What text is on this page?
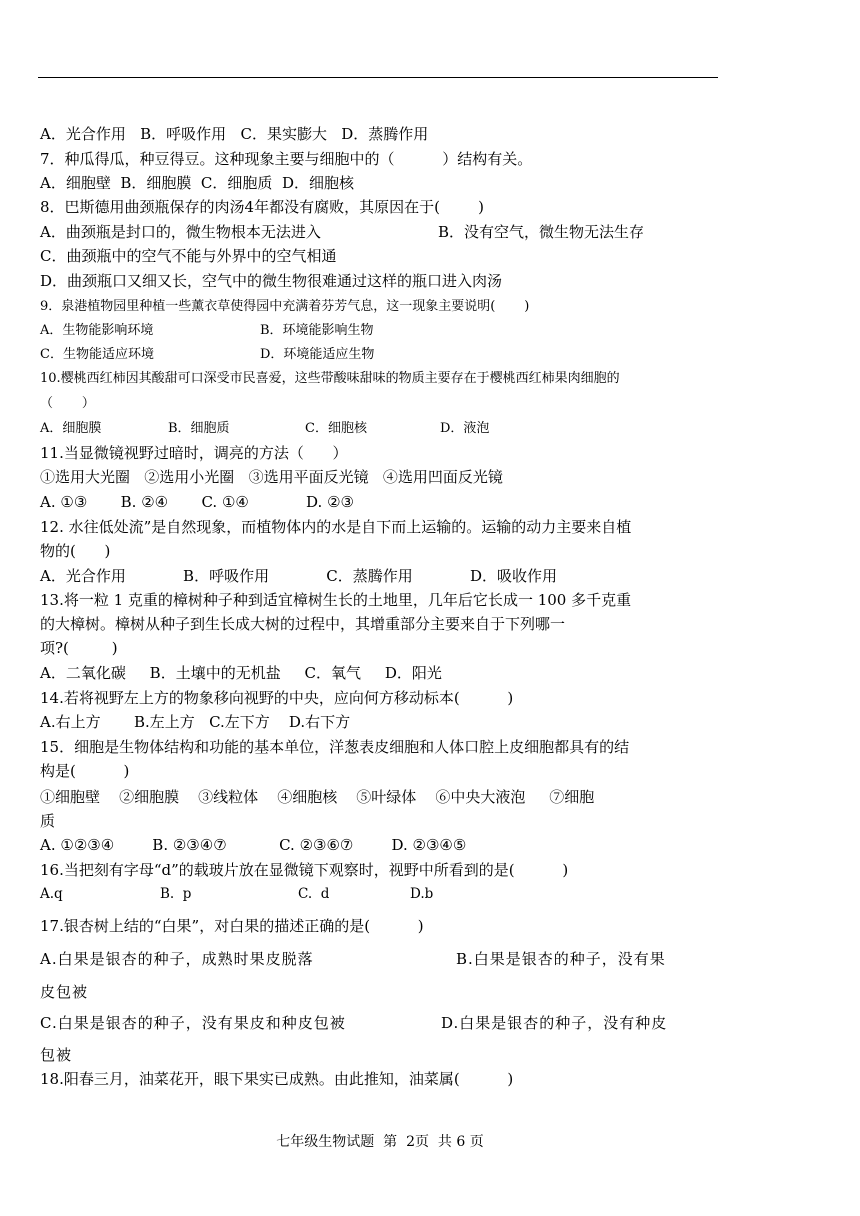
A．光合作用   B．呼吸作用   C．果实膨大   D．蒸腾作用
7．种瓜得瓜，种豆得豆。这种现象主要与细胞中的（          ）结构有关。
A．细胞壁  B．细胞膜  C．细胞质  D．细胞核
8．巴斯德用曲颈瓶保存的肉汤4年都没有腐败，其原因在于(        )
A．曲颈瓶是封口的，微生物根本无法进入	B．没有空气，微生物无法生存
C．曲颈瓶中的空气不能与外界中的空气相通
D．曲颈瓶口又细又长，空气中的微生物很难通过这样的瓶口进入肉汤
9．泉港植物园里种植一些薰衣草使得园中充满着芬芳气息，这一现象主要说明(       )
A．生物能影响环境	B．环境能影响生物
C．生物能适应环境	D．环境能适应生物
10.樱桃西红柿因其酸甜可口深受市民喜爱，这些带酸味甜味的物质主要存在于樱桃西红柿果肉细胞的
（       ）
A．细胞膜	B．细胞质	C．细胞核	D．液泡
11.当显微镜视野过暗时，调亮的方法（      ）
①选用大光圈   ②选用小光圈   ③选用平面反光镜   ④选用凹面反光镜
A. ①③       B. ②④       C. ①④            D. ②③
12. 水往低处流”是自然现象，而植物体内的水是自下而上运输的。运输的动力主要来自植
物的(      )
A．光合作用            B．呼吸作用            C．蒸腾作用            D．吸收作用
13.将一粒 1 克重的樟树种子种到适宜樟树生长的土地里，几年后它长成一 100 多千克重
的大樟树。樟树从种子到生长成大树的过程中，其增重部分主要来自于下列哪一
项?(         )
A．二氧化碳     B．土壤中的无机盐     C．氧气     D．阳光
14.若将视野左上方的物象移向视野的中央，应向何方移动标本(          )
A.右上方       B.左上方   C.左下方    D.右下方
15．细胞是生物体结构和功能的基本单位，洋葱表皮细胞和人体口腔上皮细胞都具有的结
构是(          )
①细胞壁    ②细胞膜    ③线粒体    ④细胞核    ⑤叶绿体    ⑥中央大液泡     ⑦细胞
质
A. ①②③④        B. ②③④⑦           C. ②③⑥⑦        D. ②③④⑤
16.当把刻有字母“d”的载玻片放在显微镜下观察时，视野中所看到的是(          )
A.q	B.  p	C.  d	D.b
17.银杏树上结的“白果”，对白果的描述正确的是(          )
A.白果是银杏的种子，成熟时果皮脱落	B.白果是银杏的种子，没有果
皮包被
C.白果是银杏的种子，没有果皮和种皮包被	D.白果是银杏的种子，没有种皮
包被
18.阳春三月，油菜花开，眼下果实已成熟。由此推知，油菜属(          )
七年级生物试题  第  2页  共 6 页
